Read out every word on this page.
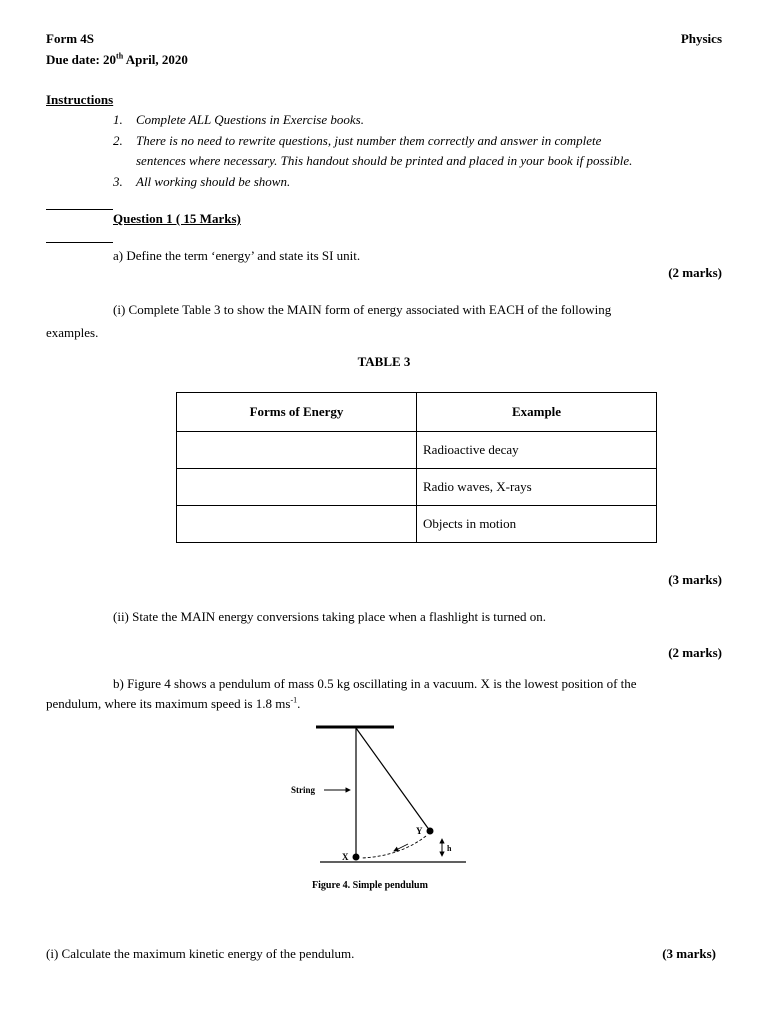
Form 4S	Physics
Due date: 20th April, 2020
Instructions
1. Complete ALL Questions in Exercise books.
2. There is no need to rewrite questions, just number them correctly and answer in complete
sentences where necessary. This handout should be printed and placed in your book if possible.
3. All working should be shown.
Question 1 ( 15 Marks)
a) Define the term ‘energy’ and state its SI unit.
(2 marks)
(i) Complete Table 3 to show the MAIN form of energy associated with EACH of the following
examples.
TABLE 3
Forms of Energy	Example
	Radioactive decay
	Radio waves, X-rays
	Objects in motion
(3 marks)
(ii) State the MAIN energy conversions taking place when a flashlight is turned on.
(2 marks)
b) Figure 4 shows a pendulum of mass 0.5 kg oscillating in a vacuum. X is the lowest position of the
pendulum, where its maximum speed is 1.8 $ms^{-1}$.
String
Y
X
h
Figure 4. Simple pendulum
(i) Calculate the maximum kinetic energy of the pendulum.	(3 marks)
